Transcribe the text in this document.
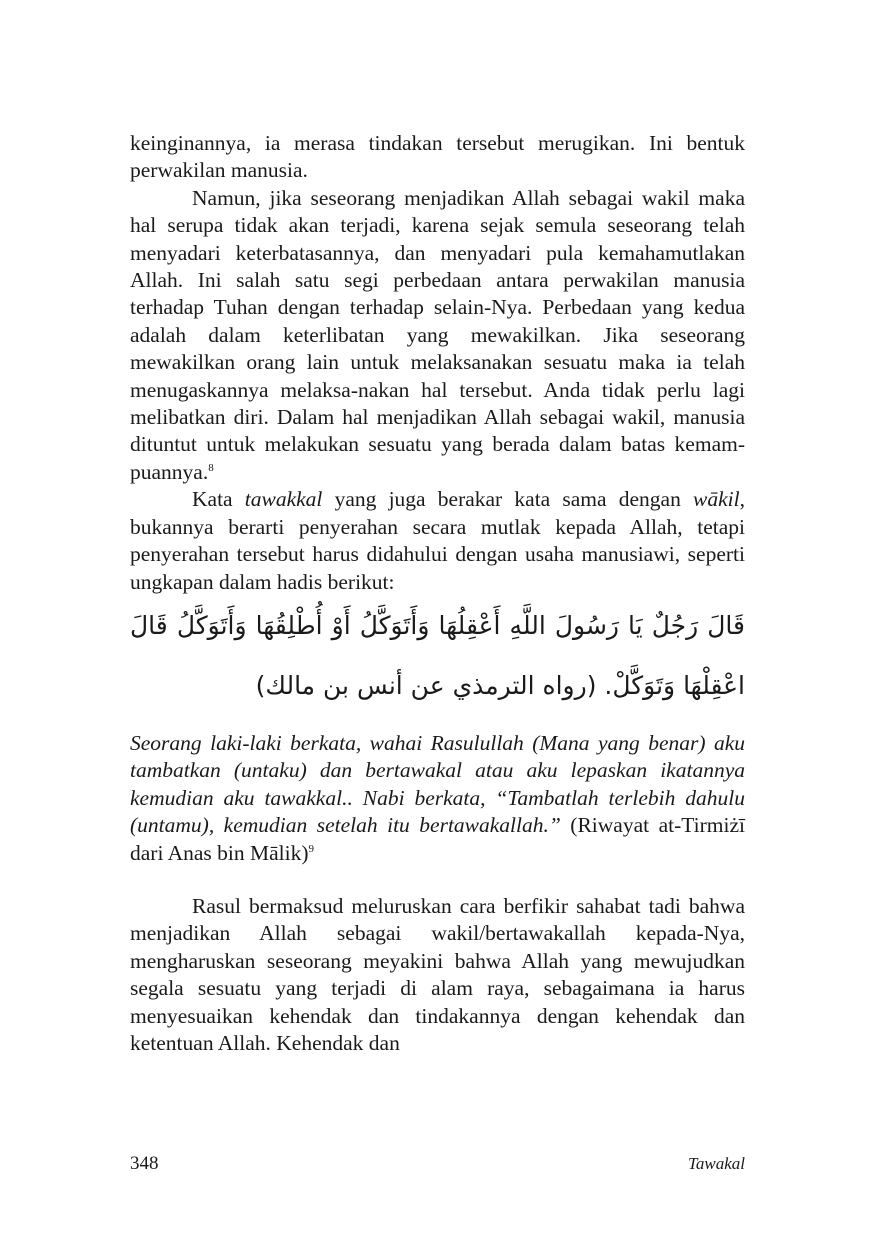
keinginannya, ia merasa tindakan tersebut merugikan. Ini bentuk perwakilan manusia.

Namun, jika seseorang menjadikan Allah sebagai wakil maka hal serupa tidak akan terjadi, karena sejak semula seseorang telah menyadari keterbatasannya, dan menyadari pula kemahamutlakan Allah. Ini salah satu segi perbedaan antara perwakilan manusia terhadap Tuhan dengan terhadap selain-Nya. Perbedaan yang kedua adalah dalam keterlibatan yang mewakilkan. Jika seseorang mewakilkan orang lain untuk melaksanakan sesuatu maka ia telah menugaskannya melaksa-nakan hal tersebut. Anda tidak perlu lagi melibatkan diri. Dalam hal menjadikan Allah sebagai wakil, manusia dituntut untuk melakukan sesuatu yang berada dalam batas kemam-puannya.$^8$

Kata tawakkal yang juga berakar kata sama dengan wākil, bukannya berarti penyerahan secara mutlak kepada Allah, tetapi penyerahan tersebut harus didahului dengan usaha manusiawi, seperti ungkapan dalam hadis berikut:

قَالَ رَجُلٌ يَا رَسُولَ اللَّهِ أَعْقِلُهَا وَأَتَوَكَّلُ أَوْ أُطْلِقُهَا وَأَتَوَكَّلُ قَالَ اعْقِلْهَا وَتَوَكَّلْ. (رواه الترمذي عن أنس بن مالك)

Seorang laki-laki berkata, wahai Rasulullah (Mana yang benar) aku tambatkan (untaku) dan bertawakal atau aku lepaskan ikatannya kemudian aku tawakkal.. Nabi berkata, “Tambatlah terlebih dahulu (untamu), kemudian setelah itu bertawakallah.” (Riwayat at-Tirmiżī dari Anas bin Mālik)$^9$

Rasul bermaksud meluruskan cara berfikir sahabat tadi bahwa menjadikan Allah sebagai wakil/bertawakallah kepada-Nya, mengharuskan seseorang meyakini bahwa Allah yang mewujudkan segala sesuatu yang terjadi di alam raya, sebagaimana ia harus menyesuaikan kehendak dan tindakannya dengan kehendak dan ketentuan Allah. Kehendak dan

348	Tawakal
